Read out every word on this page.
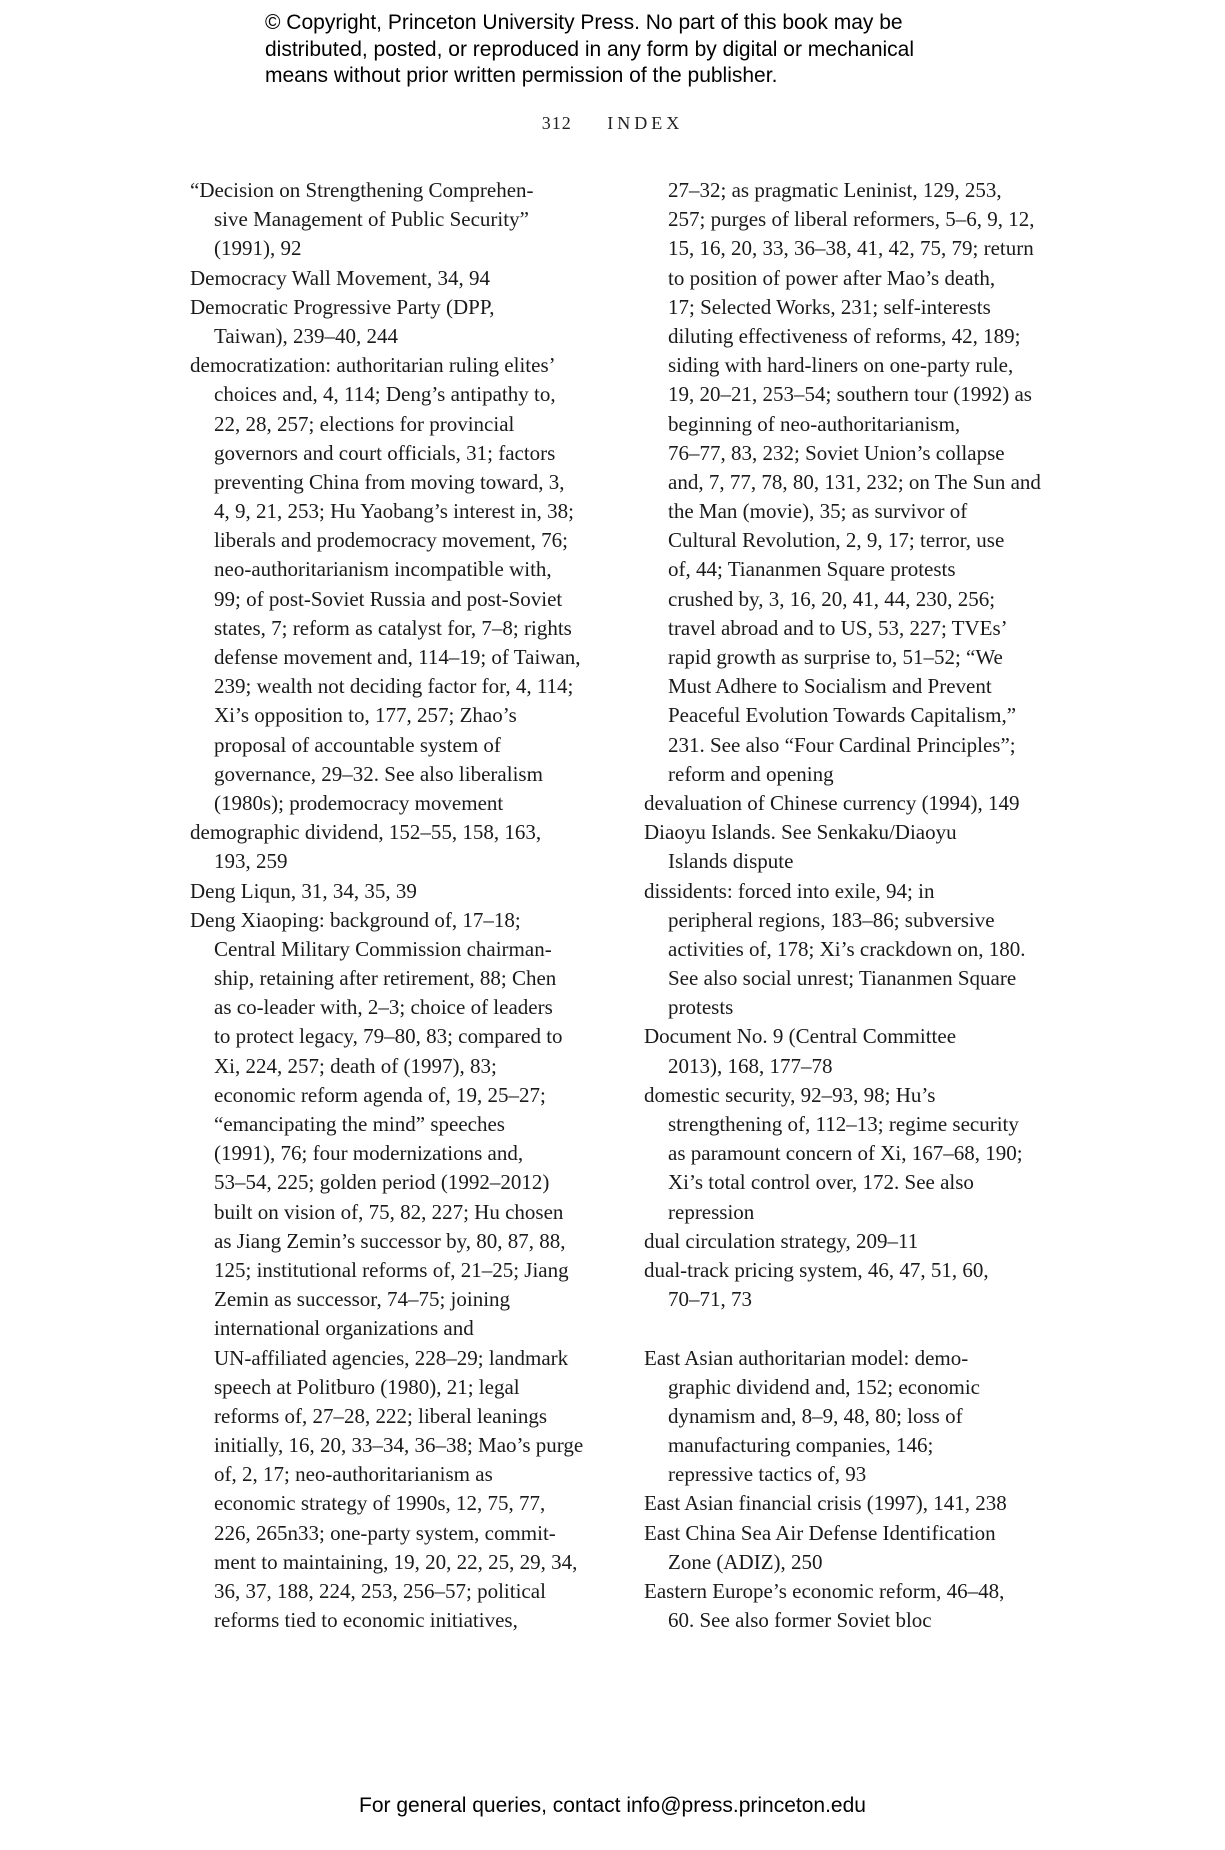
© Copyright, Princeton University Press. No part of this book may be
distributed, posted, or reproduced in any form by digital or mechanical
means without prior written permission of the publisher.
312 INDEX
“Decision on Strengthening Comprehen-
sive Management of Public Security”
(1991), 92
Democracy Wall Movement, 34, 94
Democratic Progressive Party (DPP,
Taiwan), 239–40, 244
democratization: authoritarian ruling elites’
choices and, 4, 114; Deng’s antipathy to,
22, 28, 257; elections for provincial
governors and court officials, 31; factors
preventing China from moving toward, 3,
4, 9, 21, 253; Hu Yaobang’s interest in, 38;
liberals and prodemocracy movement, 76;
neo-authoritarianism incompatible with,
99; of post-Soviet Russia and post-Soviet
states, 7; reform as catalyst for, 7–8; rights
defense movement and, 114–19; of Taiwan,
239; wealth not deciding factor for, 4, 114;
Xi’s opposition to, 177, 257; Zhao’s
proposal of accountable system of
governance, 29–32. See also liberalism
(1980s); prodemocracy movement
demographic dividend, 152–55, 158, 163,
193, 259
Deng Liqun, 31, 34, 35, 39
Deng Xiaoping: background of, 17–18;
Central Military Commission chairman-
ship, retaining after retirement, 88; Chen
as co-leader with, 2–3; choice of leaders
to protect legacy, 79–80, 83; compared to
Xi, 224, 257; death of (1997), 83;
economic reform agenda of, 19, 25–27;
“emancipating the mind” speeches
(1991), 76; four modernizations and,
53–54, 225; golden period (1992–2012)
built on vision of, 75, 82, 227; Hu chosen
as Jiang Zemin’s successor by, 80, 87, 88,
125; institutional reforms of, 21–25; Jiang
Zemin as successor, 74–75; joining
international organizations and
UN-affiliated agencies, 228–29; landmark
speech at Politburo (1980), 21; legal
reforms of, 27–28, 222; liberal leanings
initially, 16, 20, 33–34, 36–38; Mao’s purge
of, 2, 17; neo-authoritarianism as
economic strategy of 1990s, 12, 75, 77,
226, 265n33; one-party system, commit-
ment to maintaining, 19, 20, 22, 25, 29, 34,
36, 37, 188, 224, 253, 256–57; political
reforms tied to economic initiatives,
27–32; as pragmatic Leninist, 129, 253,
257; purges of liberal reformers, 5–6, 9, 12,
15, 16, 20, 33, 36–38, 41, 42, 75, 79; return
to position of power after Mao’s death,
17; Selected Works, 231; self-interests
diluting effectiveness of reforms, 42, 189;
siding with hard-liners on one-party rule,
19, 20–21, 253–54; southern tour (1992) as
beginning of neo-authoritarianism,
76–77, 83, 232; Soviet Union’s collapse
and, 7, 77, 78, 80, 131, 232; on The Sun and
the Man (movie), 35; as survivor of
Cultural Revolution, 2, 9, 17; terror, use
of, 44; Tiananmen Square protests
crushed by, 3, 16, 20, 41, 44, 230, 256;
travel abroad and to US, 53, 227; TVEs’
rapid growth as surprise to, 51–52; “We
Must Adhere to Socialism and Prevent
Peaceful Evolution Towards Capitalism,”
231. See also “Four Cardinal Principles”;
reform and opening
devaluation of Chinese currency (1994), 149
Diaoyu Islands. See Senkaku/Diaoyu
Islands dispute
dissidents: forced into exile, 94; in
peripheral regions, 183–86; subversive
activities of, 178; Xi’s crackdown on, 180.
See also social unrest; Tiananmen Square
protests
Document No. 9 (Central Committee
2013), 168, 177–78
domestic security, 92–93, 98; Hu’s
strengthening of, 112–13; regime security
as paramount concern of Xi, 167–68, 190;
Xi’s total control over, 172. See also
repression
dual circulation strategy, 209–11
dual-track pricing system, 46, 47, 51, 60,
70–71, 73
East Asian authoritarian model: demo-
graphic dividend and, 152; economic
dynamism and, 8–9, 48, 80; loss of
manufacturing companies, 146;
repressive tactics of, 93
East Asian financial crisis (1997), 141, 238
East China Sea Air Defense Identification
Zone (ADIZ), 250
Eastern Europe’s economic reform, 46–48,
60. See also former Soviet bloc
For general queries, contact info@press.princeton.edu
